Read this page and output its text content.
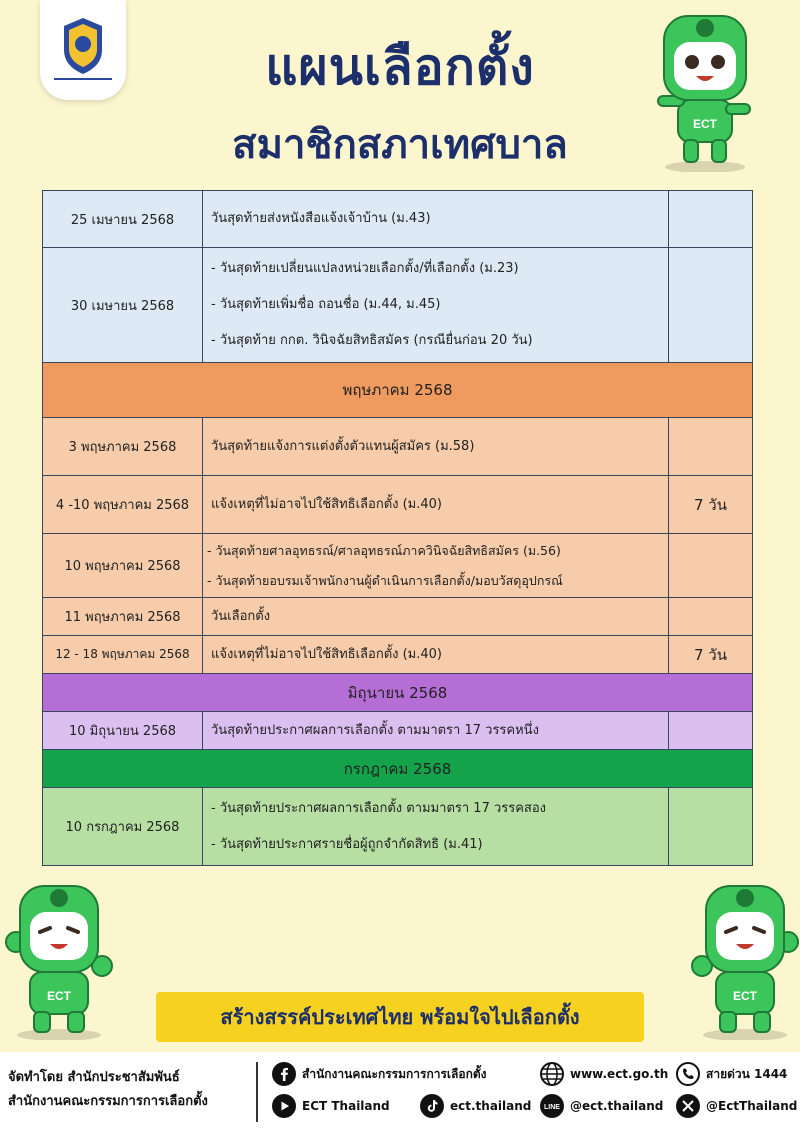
แผนเลือกตั้ง
สมาชิกสภาเทศบาล	ECT
25 เมษายน 2568	วันสุดท้ายส่งหนังสือแจ้งเจ้าบ้าน (ม.43)	

30 เมษายน 2568	- วันสุดท้ายเปลี่ยนแปลงหน่วยเลือกตั้ง/ที่เลือกตั้ง (ม.23)
- วันสุดท้ายเพิ่มชื่อ ถอนชื่อ (ม.44, ม.45)
- วันสุดท้าย กกต. วินิจฉัยสิทธิสมัคร (กรณียื่นก่อน 20 วัน)	

พฤษภาคม 2568		
3 พฤษภาคม 2568	วันสุดท้ายแจ้งการแต่งตั้งตัวแทนผู้สมัคร (ม.58)	

4 -10 พฤษภาคม 2568	แจ้งเหตุที่ไม่อาจไปใช้สิทธิเลือกตั้ง (ม.40)	7 วัน
10 พฤษภาคม 2568	- วันสุดท้ายศาลอุทธรณ์/ศาลอุทธรณ์ภาควินิจฉัยสิทธิสมัคร (ม.56)
- วันสุดท้ายอบรมเจ้าพนักงานผู้ดำเนินการเลือกตั้ง/มอบวัสดุอุปกรณ์	

11 พฤษภาคม 2568	วันเลือกตั้ง	

12 - 18 พฤษภาคม 2568	แจ้งเหตุที่ไม่อาจไปใช้สิทธิเลือกตั้ง (ม.40)	7 วัน
มิถุนายน 2568		
10 มิถุนายน 2568	วันสุดท้ายประกาศผลการเลือกตั้ง ตามมาตรา 17 วรรคหนึ่ง	

กรกฎาคม 2568		
10 กรกฎาคม 2568	- วันสุดท้ายประกาศผลการเลือกตั้ง ตามมาตรา 17 วรรคสอง
- วันสุดท้ายประกาศรายชื่อผู้ถูกจำกัดสิทธิ (ม.41)	

ECT	ECT
สร้างสรรค์ประเทศไทย พร้อมใจไปเลือกตั้ง
จัดทำโดย สำนักประชาสัมพันธ์
สำนักงานคณะกรรมการการเลือกตั้ง
สำนักงานคณะกรรมการการเลือกตั้ง
ECT Thailand	ect.thailand
www.ect.go.th
LINE @ect.thailand
สายด่วน 1444
@EctThailand
